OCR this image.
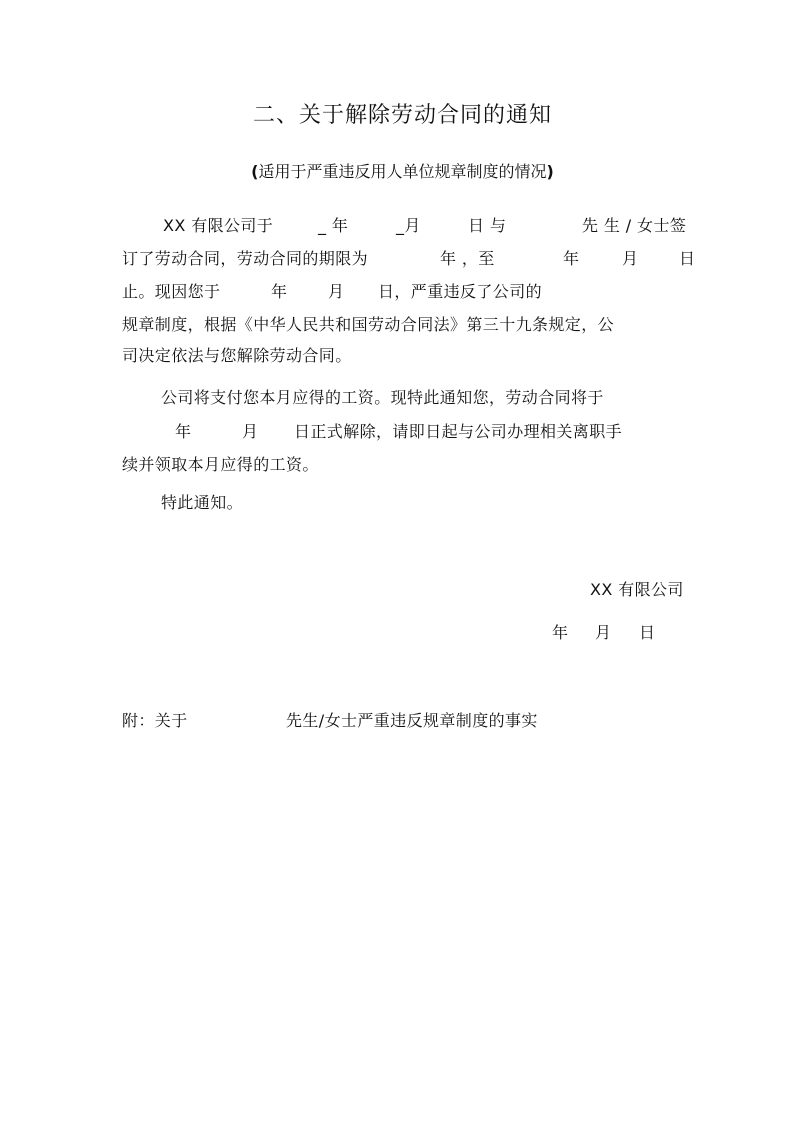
二、关于解除劳动合同的通知
(适用于严重违反用人单位规章制度的情况)
XX 有限公司于	_ 年	_月	日 与	先 生 / 女士签
订了劳动合同，劳动合同的期限为	年 ，至	年	月	日
止。现因您于	年	月 日，严重违反了公司的
规章制度，根据《中华人民共和国劳动合同法》第三十九条规定，公
司决定依法与您解除劳动合同。
公司将支付您本月应得的工资。现特此通知您，劳动合同将于
年	月 日正式解除，请即日起与公司办理相关离职手
续并领取本月应得的工资。
特此通知。
XX 有限公司
年 月 日
附：关于	先生/女士严重违反规章制度的事实
